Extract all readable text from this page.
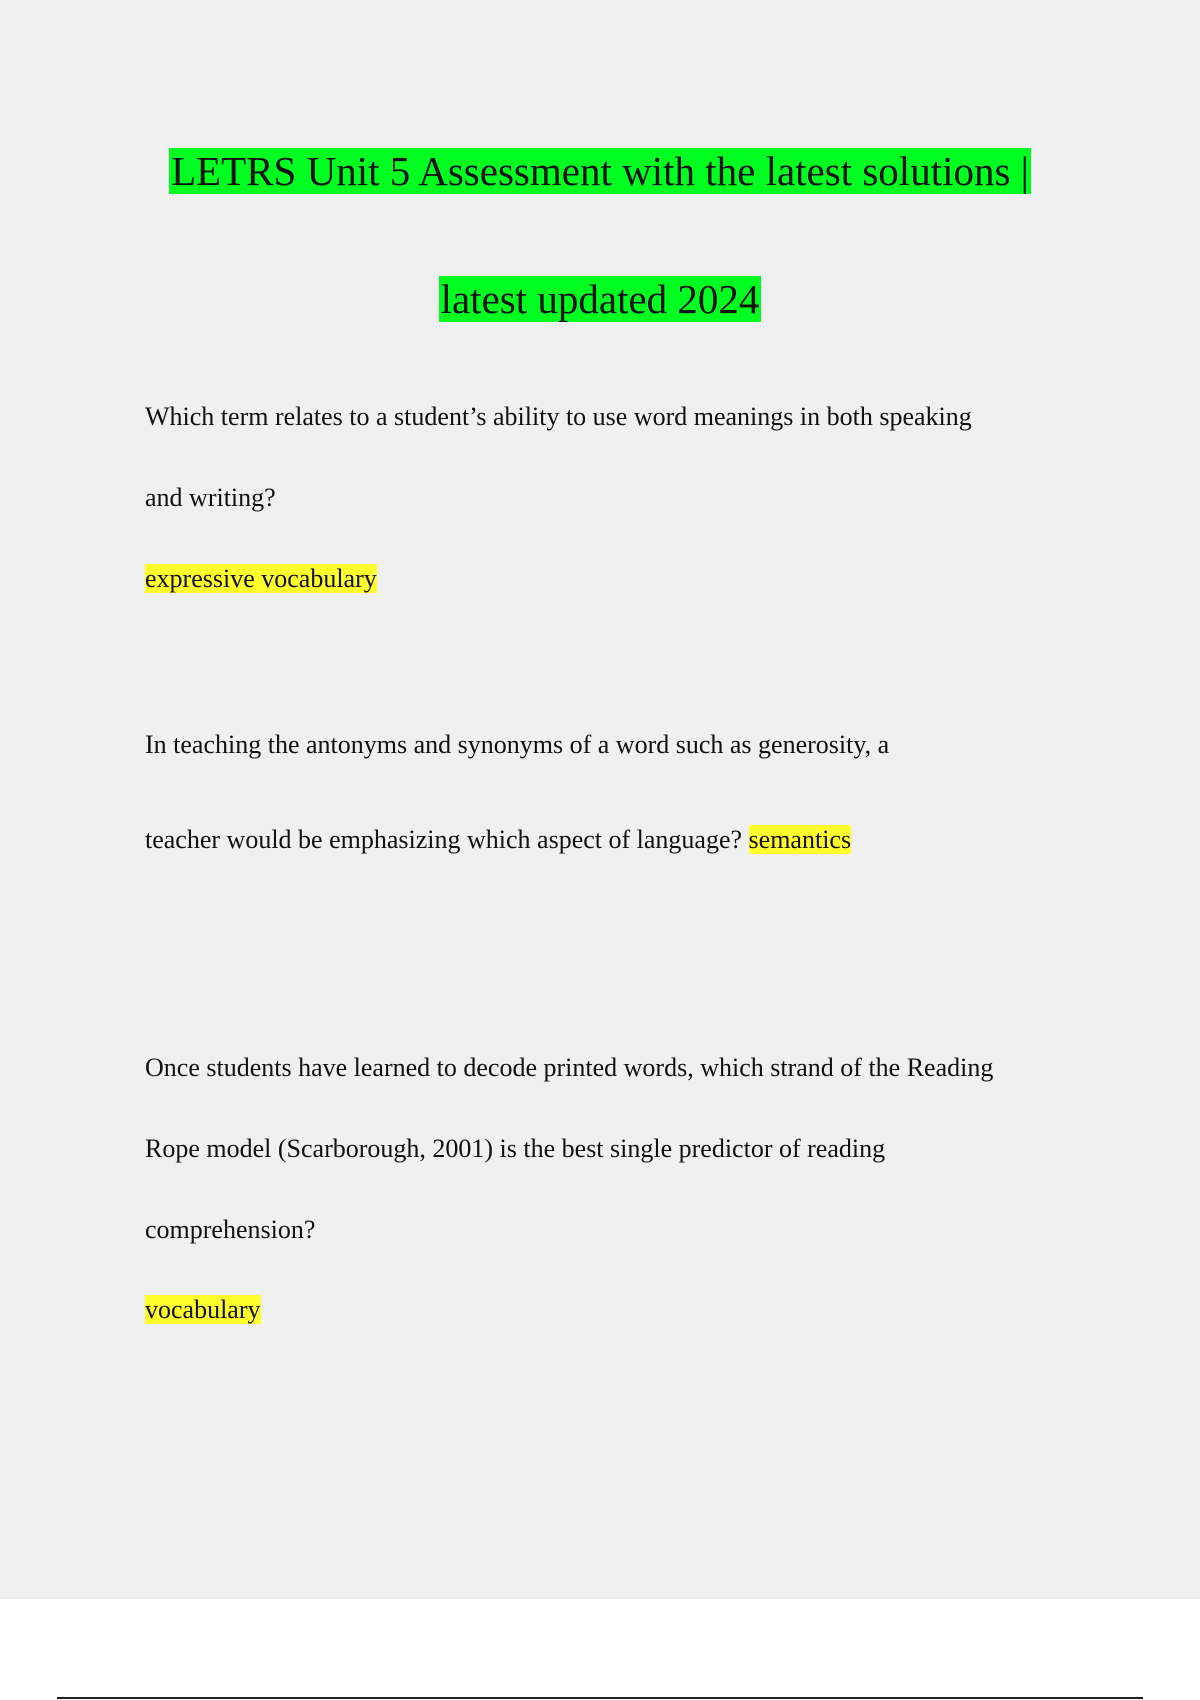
LETRS Unit 5 Assessment with the latest solutions |
latest updated 2024
Which term relates to a student’s ability to use word meanings in both speaking
and writing?
expressive vocabulary
In teaching the antonyms and synonyms of a word such as generosity, a
teacher would be emphasizing which aspect of language? semantics
Once students have learned to decode printed words, which strand of the Reading
Rope model (Scarborough, 2001) is the best single predictor of reading
comprehension?
vocabulary
